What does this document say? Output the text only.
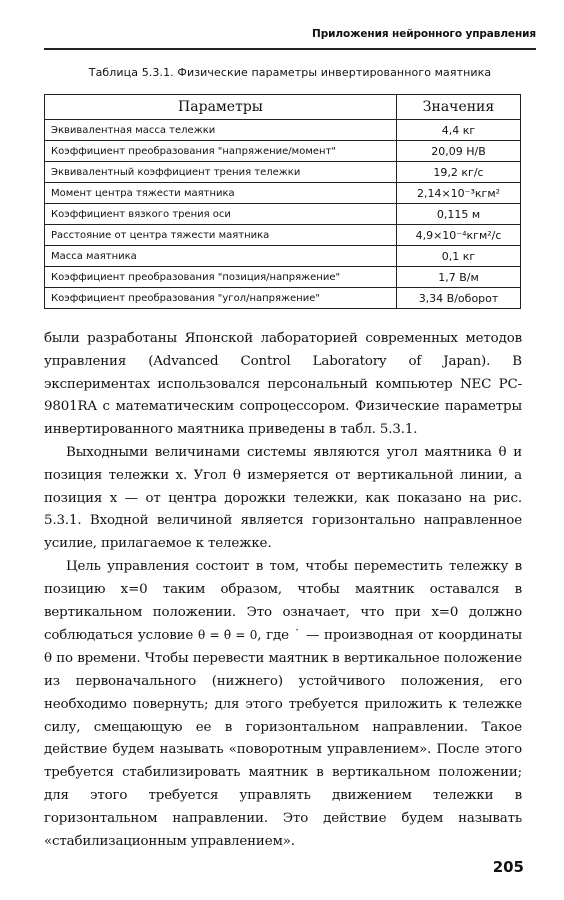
Приложения нейронного управления
Таблица 5.3.1. Физические параметры инвертированного маятника
Параметры	Значения
Эквивалентная масса тележки	4,4 кг
Коэффициент преобразования "напряжение/момент"	20,09 Н/В
Эквивалентный коэффициент трения тележки	19,2 кг/с
Момент центра тяжести маятника	2,14×10⁻³кгм²
Коэффициент вязкого трения оси	0,115 м
Расстояние от центра тяжести маятника	4,9×10⁻⁴кгм²/с
Масса маятника	0,1 кг
Коэффициент преобразования "позиция/напряжение"	1,7 В/м
Коэффициент преобразования "угол/напряжение"	3,34 В/оборот

были разработаны Японской лабораторией современных методов управления (Advanced Control Laboratory of Japan). В экспериментах использовался персональный компьютер NEC PC-9801RA с математическим сопроцессором. Физические параметры инвертированного маятника приведены в табл. 5.3.1.

Выходными величинами системы являются угол маятника θ и позиция тележки x. Угол θ измеряется от вертикальной линии, а позиция x — от центра дорожки тележки, как показано на рис. 5.3.1. Входной величиной является горизонтально направленное усилие, прилагаемое к тележке.

Цель управления состоит в том, чтобы переместить тележку в позицию x=0 таким образом, чтобы маятник оставался в вертикальном положении. Это означает, что при x=0 должно соблюдаться условие θ = θ̇ = 0, где ˙ — производная от координаты θ по времени. Чтобы перевести маятник в вертикальное положение из первоначального (нижнего) устойчивого положения, его необходимо повернуть; для этого требуется приложить к тележке силу, смещающую ее в горизонтальном направлении. Такое действие будем называть «поворотным управлением». После этого требуется стабилизировать маятник в вертикальном положении; для этого требуется управлять движением тележки в горизонтальном направлении. Это действие будем называть «стабилизационным управлением».

205
